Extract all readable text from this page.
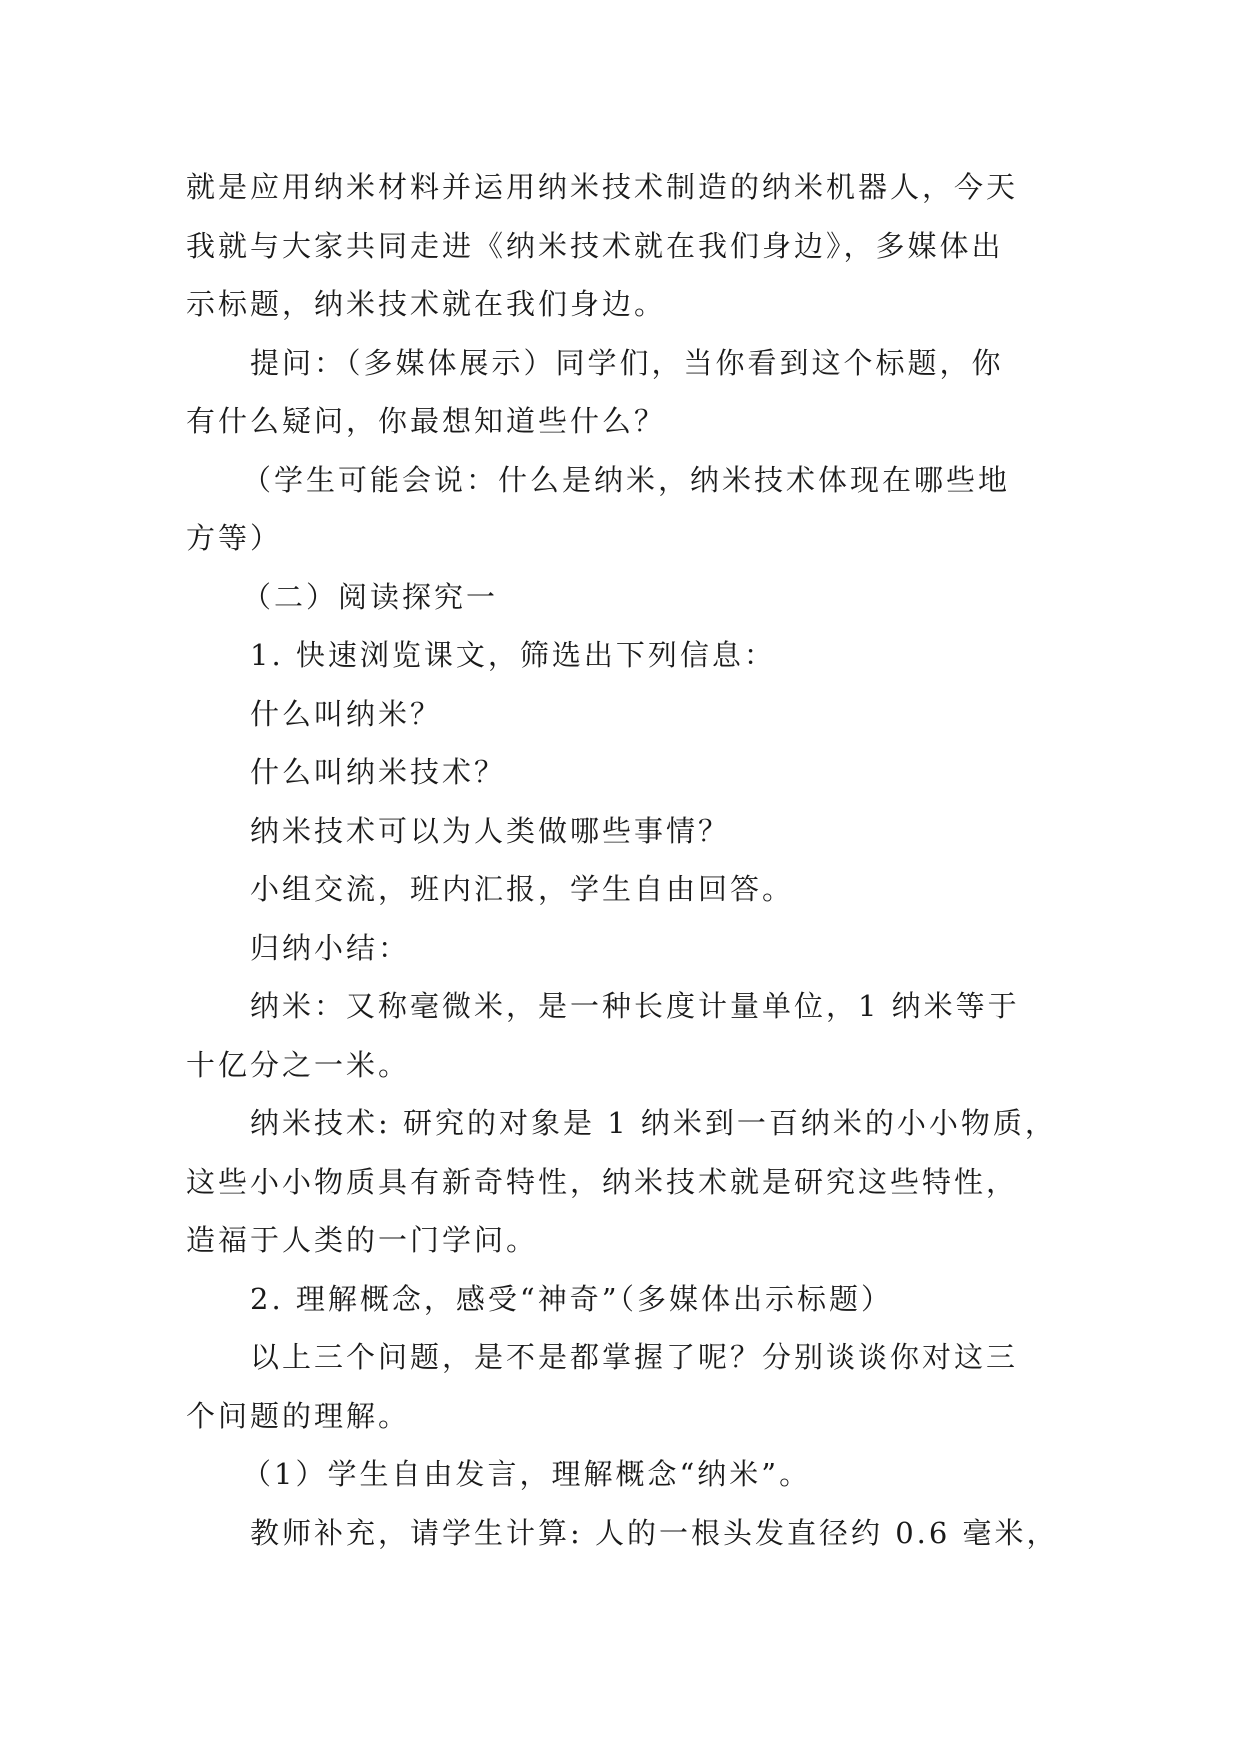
就是应用纳米材料并运用纳米技术制造的纳米机器人，今天
我就与大家共同走进《纳米技术就在我们身边》，多媒体出
示标题，纳米技术就在我们身边。
提问：（多媒体展示）同学们，当你看到这个标题，你
有什么疑问，你最想知道些什么？
（学生可能会说：什么是纳米，纳米技术体现在哪些地
方等）
（二）阅读探究一
1. 快速浏览课文，筛选出下列信息：
什么叫纳米？
什么叫纳米技术？
纳米技术可以为人类做哪些事情？
小组交流，班内汇报，学生自由回答。
归纳小结：
纳米：又称毫微米，是一种长度计量单位，1 纳米等于
十亿分之一米。
纳米技术: 研究的对象是 1 纳米到一百纳米的小小物质，
这些小小物质具有新奇特性，纳米技术就是研究这些特性，
造福于人类的一门学问。
2. 理解概念，感受“神奇”（多媒体出示标题）
以上三个问题，是不是都掌握了呢？分别谈谈你对这三
个问题的理解。
（1）学生自由发言，理解概念“纳米”。
教师补充，请学生计算: 人的一根头发直径约 0.6 毫米，
